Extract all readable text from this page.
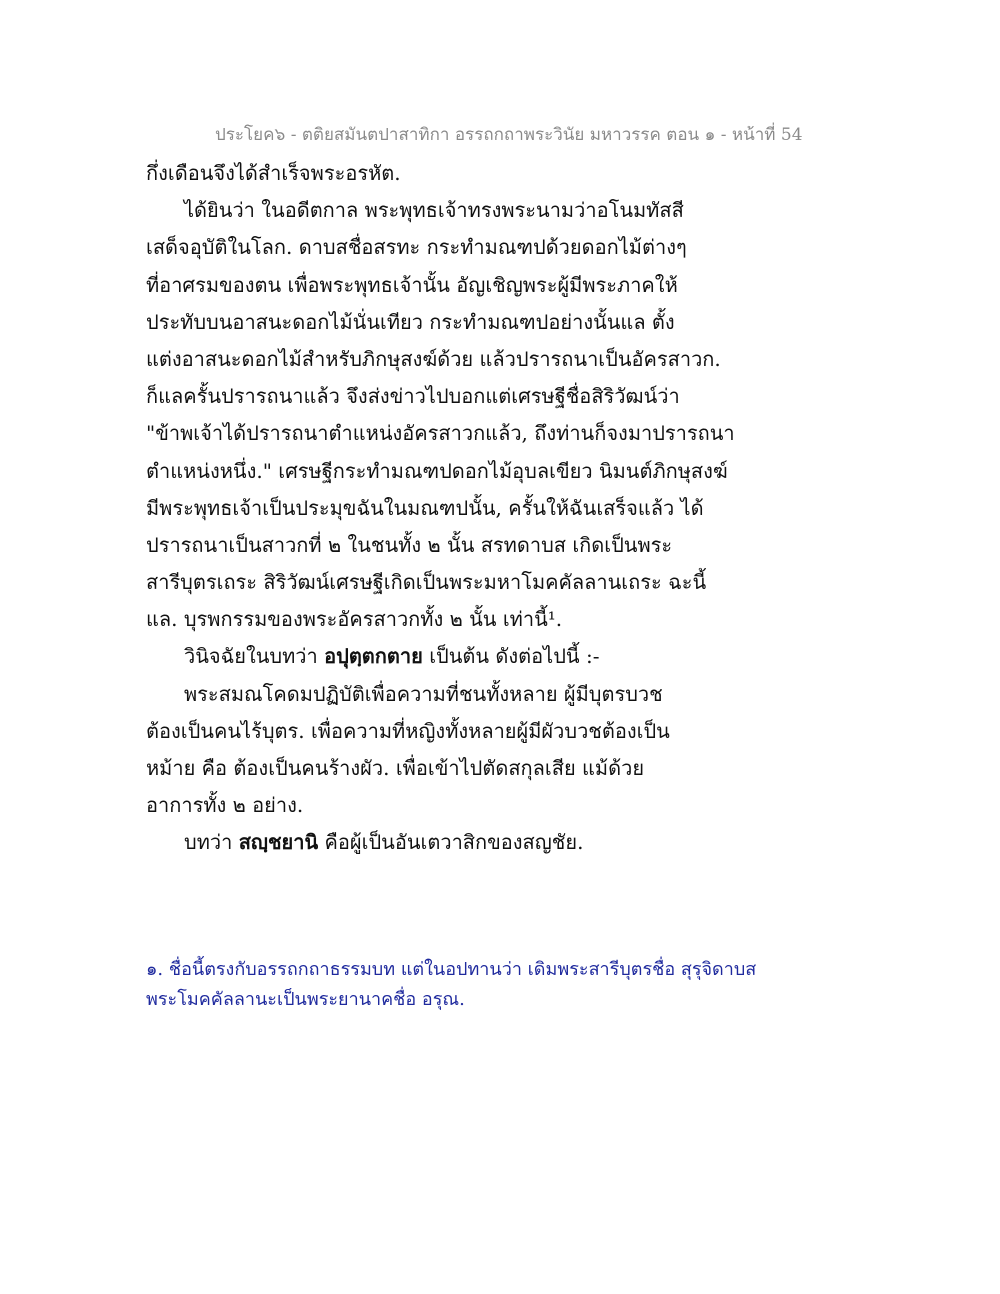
ประโยค๖ - ตติยสมันตปาสาทิกา อรรถกถาพระวินัย มหาวรรค ตอน ๑ - หน้าที่ 54
กึ่งเดือนจึงได้สำเร็จพระอรหัต.
ได้ยินว่า ในอดีตกาล พระพุทธเจ้าทรงพระนามว่าอโนมทัสสี
เสด็จอุบัติในโลก. ดาบสชื่อสรทะ กระทำมณฑปด้วยดอกไม้ต่างๆ
ที่อาศรมของตน เพื่อพระพุทธเจ้านั้น อัญเชิญพระผู้มีพระภาคให้
ประทับบนอาสนะดอกไม้นั่นเทียว กระทำมณฑปอย่างนั้นแล ตั้ง
แต่งอาสนะดอกไม้สำหรับภิกษุสงฆ์ด้วย แล้วปรารถนาเป็นอัครสาวก.
ก็แลครั้นปรารถนาแล้ว จึงส่งข่าวไปบอกแต่เศรษฐีชื่อสิริวัฒน์ว่า
"ข้าพเจ้าได้ปรารถนาตำแหน่งอัครสาวกแล้ว, ถึงท่านก็จงมาปรารถนา
ตำแหน่งหนึ่ง." เศรษฐีกระทำมณฑปดอกไม้อุบลเขียว นิมนต์ภิกษุสงฆ์
มีพระพุทธเจ้าเป็นประมุขฉันในมณฑปนั้น, ครั้นให้ฉันเสร็จแล้ว ได้
ปรารถนาเป็นสาวกที่ ๒ ในชนทั้ง ๒ นั้น สรทดาบส เกิดเป็นพระ
สารีบุตรเถระ สิริวัฒน์เศรษฐีเกิดเป็นพระมหาโมคคัลลานเถระ ฉะนี้
แล. บุรพกรรมของพระอัครสาวกทั้ง ๒ นั้น เท่านี้¹.
วินิจฉัยในบทว่า อปุตฺตกตาย เป็นต้น ดังต่อไปนี้ :-
พระสมณโคดมปฏิบัติเพื่อความที่ชนทั้งหลาย ผู้มีบุตรบวช
ต้องเป็นคนไร้บุตร. เพื่อความที่หญิงทั้งหลายผู้มีผัวบวชต้องเป็น
หม้าย คือ ต้องเป็นคนร้างผัว. เพื่อเข้าไปตัดสกุลเสีย แม้ด้วย
อาการทั้ง ๒ อย่าง.
บทว่า สญฺชยานิ คือผู้เป็นอันเตวาสิกของสญชัย.
๑. ชื่อนี้ตรงกับอรรถกถาธรรมบท แต่ในอปทานว่า เดิมพระสารีบุตรชื่อ สุรุจิดาบส
พระโมคคัลลานะเป็นพระยานาคชื่อ อรุณ.
